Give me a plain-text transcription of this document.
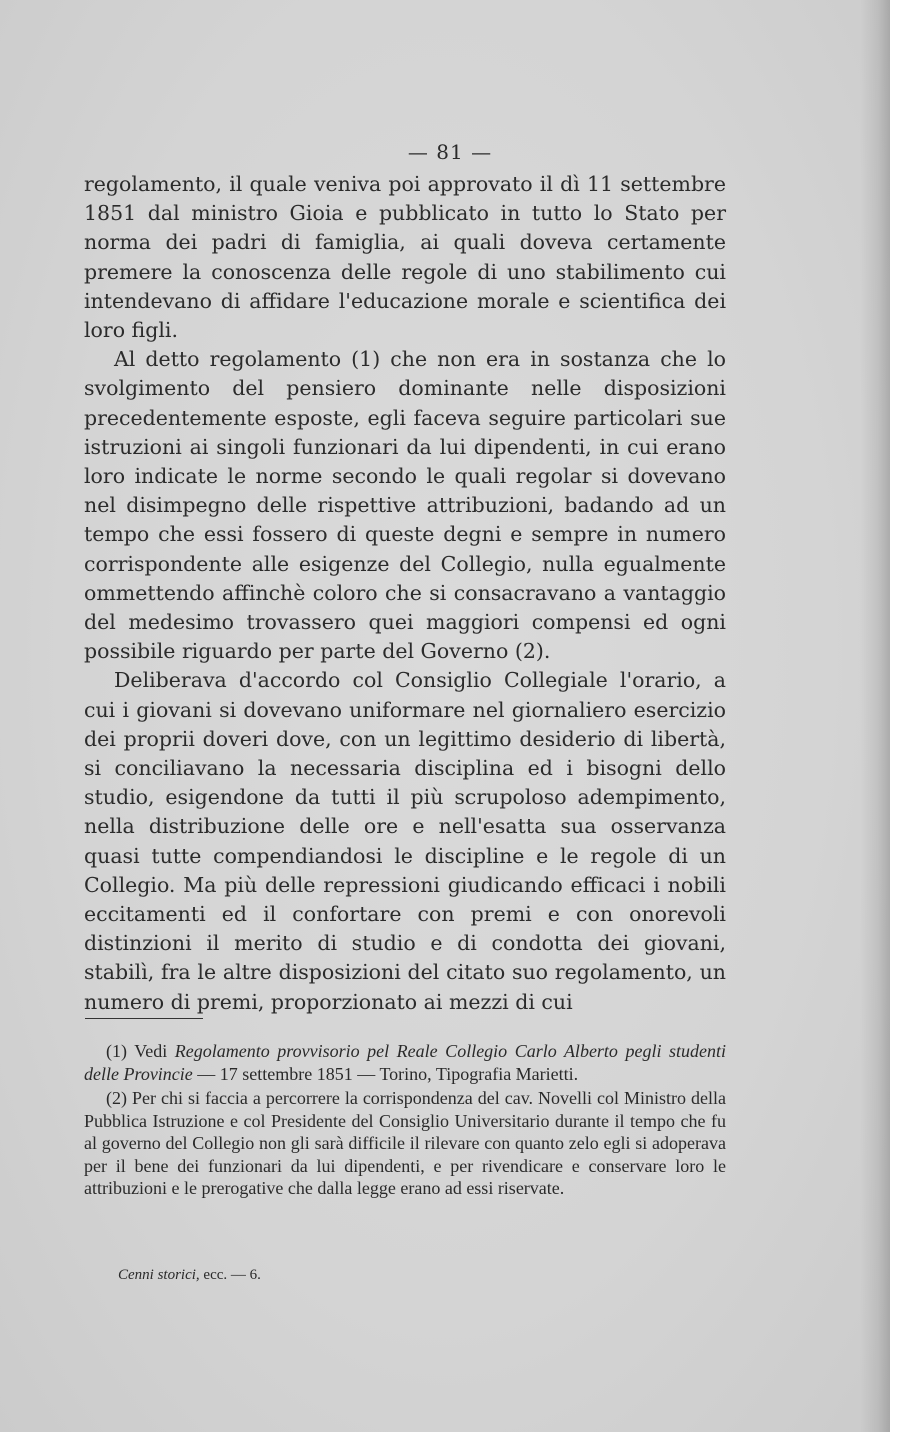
— 81 —

regolamento, il quale veniva poi approvato il dì 11 settembre 1851 dal ministro Gioia e pubblicato in tutto lo Stato per norma dei padri di famiglia, ai quali doveva certamente premere la conoscenza delle regole di uno stabilimento cui intendevano di affidare l'educazione morale e scientifica dei loro figli.

Al detto regolamento (1) che non era in sostanza che lo svolgimento del pensiero dominante nelle disposizioni precedentemente esposte, egli faceva seguire particolari sue istruzioni ai singoli funzionari da lui dipendenti, in cui erano loro indicate le norme secondo le quali regolar si dovevano nel disimpegno delle rispettive attribuzioni, badando ad un tempo che essi fossero di queste degni e sempre in numero corrispondente alle esigenze del Collegio, nulla egualmente ommettendo affinchè coloro che si consacravano a vantaggio del medesimo trovassero quei maggiori compensi ed ogni possibile riguardo per parte del Governo (2).

Deliberava d'accordo col Consiglio Collegiale l'orario, a cui i giovani si dovevano uniformare nel giornaliero esercizio dei proprii doveri dove, con un legittimo desiderio di libertà, si conciliavano la necessaria disciplina ed i bisogni dello studio, esigendone da tutti il più scrupoloso adempimento, nella distribuzione delle ore e nell'esatta sua osservanza quasi tutte compendiandosi le discipline e le regole di un Collegio. Ma più delle repressioni giudicando efficaci i nobili eccitamenti ed il confortare con premi e con onorevoli distinzioni il merito di studio e di condotta dei giovani, stabilì, fra le altre disposizioni del citato suo regolamento, un numero di premi, proporzionato ai mezzi di cui

(1) Vedi Regolamento provvisorio pel Reale Collegio Carlo Alberto pegli studenti delle Provincie — 17 settembre 1851 — Torino, Tipografia Marietti.

(2) Per chi si faccia a percorrere la corrispondenza del cav. Novelli col Ministro della Pubblica Istruzione e col Presidente del Consiglio Universitario durante il tempo che fu al governo del Collegio non gli sarà difficile il rilevare con quanto zelo egli si adoperava per il bene dei funzionari da lui dipendenti, e per rivendicare e conservare loro le attribuzioni e le prerogative che dalla legge erano ad essi riservate.

Cenni storici, ecc. — 6.
